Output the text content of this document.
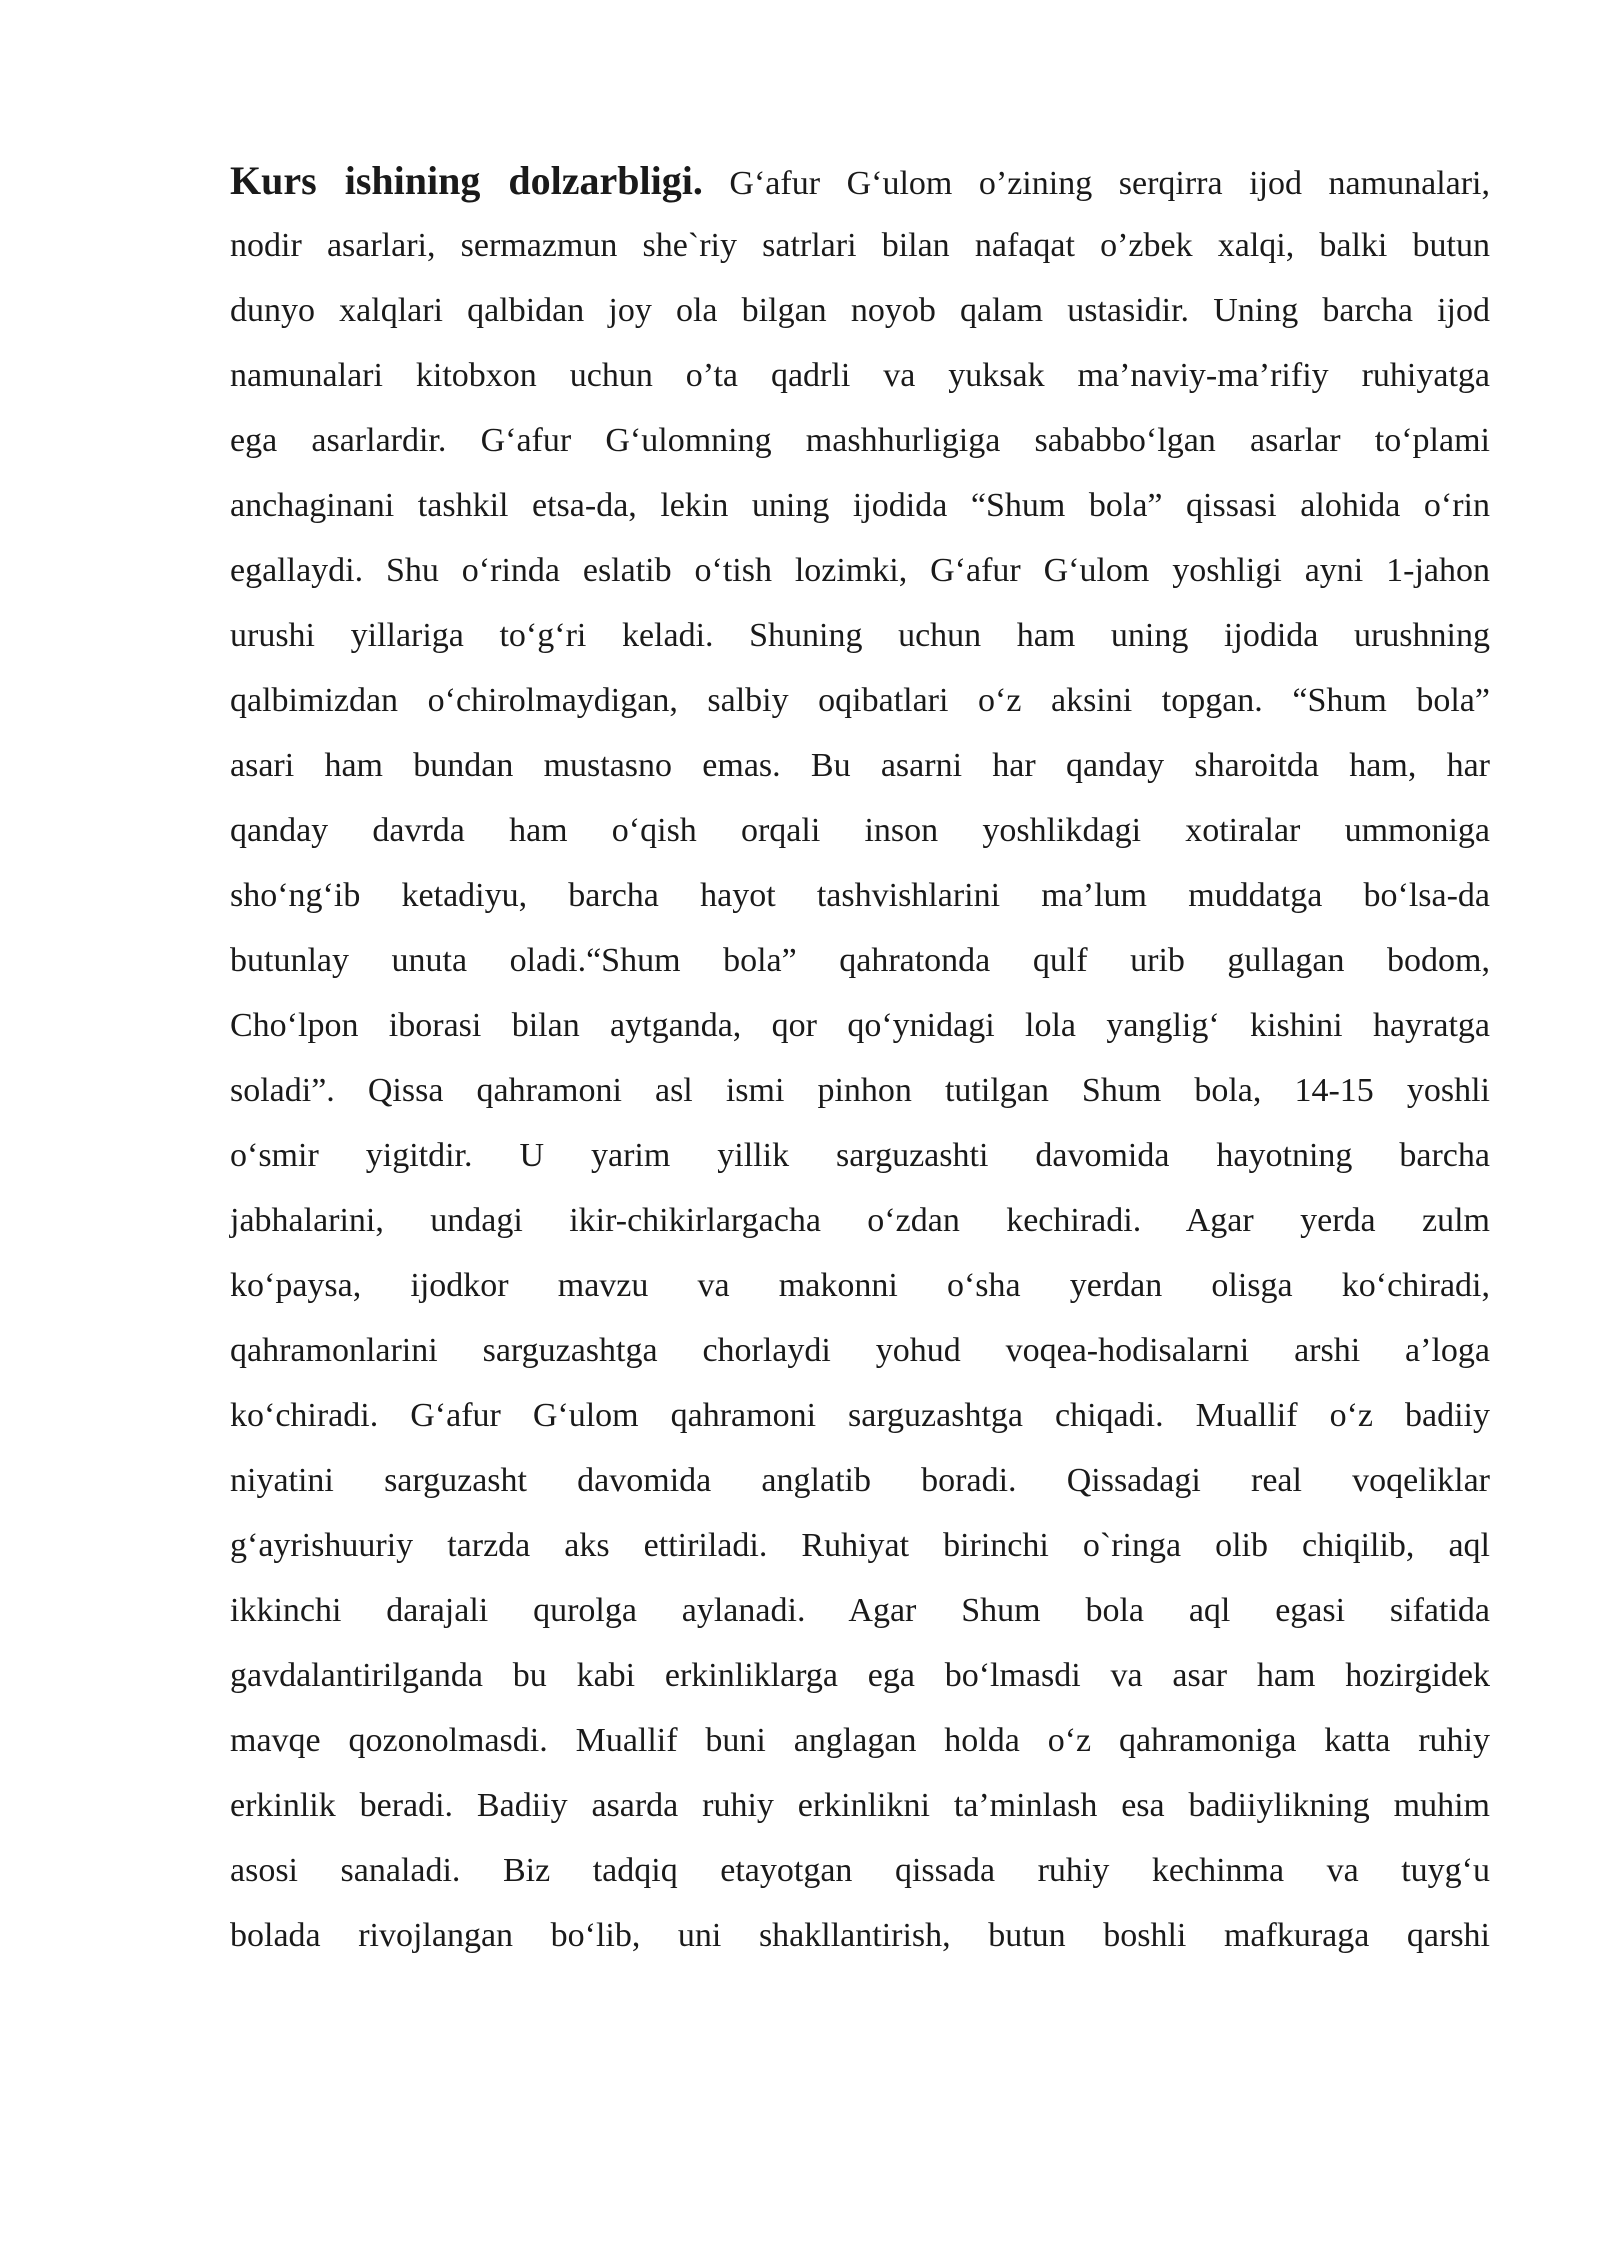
Kurs ishining dolzarbligi. G‘afur G‘ulom o’zining serqirra ijod namunalari,
nodir asarlari, sermazmun she`riy satrlari bilan nafaqat o’zbek xalqi, balki butun
dunyo xalqlari qalbidan joy ola bilgan noyob qalam ustasidir. Uning barcha ijod
namunalari kitobxon uchun o’ta qadrli va yuksak ma’naviy-ma’rifiy ruhiyatga
ega asarlardir. G‘afur G‘ulomning mashhurligiga sababbo‘lgan asarlar to‘plami
anchaginani tashkil etsa-da, lekin uning ijodida “Shum bola” qissasi alohida o‘rin
egallaydi. Shu o‘rinda eslatib o‘tish lozimki, G‘afur G‘ulom yoshligi ayni 1-jahon
urushi yillariga to‘g‘ri keladi. Shuning uchun ham uning ijodida urushning
qalbimizdan o‘chirolmaydigan, salbiy oqibatlari o‘z aksini topgan. “Shum bola”
asari ham bundan mustasno emas. Bu asarni har qanday sharoitda ham, har
qanday davrda ham o‘qish orqali inson yoshlikdagi xotiralar ummoniga
sho‘ng‘ib ketadiyu, barcha hayot tashvishlarini ma’lum muddatga bo‘lsa-da
butunlay unuta oladi.“Shum bola” qahratonda qulf urib gullagan bodom,
Cho‘lpon iborasi bilan aytganda, qor qo‘ynidagi lola yanglig‘ kishini hayratga
soladi”. Qissa qahramoni asl ismi pinhon tutilgan Shum bola, 14-15 yoshli
o‘smir yigitdir. U yarim yillik sarguzashti davomida hayotning barcha
jabhalarini, undagi ikir-chikirlargacha o‘zdan kechiradi. Agar yerda zulm
ko‘paysa, ijodkor mavzu va makonni o‘sha yerdan olisga ko‘chiradi,
qahramonlarini sarguzashtga chorlaydi yohud voqea-hodisalarni arshi a’loga
ko‘chiradi. G‘afur G‘ulom qahramoni sarguzashtga chiqadi. Muallif o‘z badiiy
niyatini sarguzasht davomida anglatib boradi. Qissadagi real voqeliklar
g‘ayrishuuriy tarzda aks ettiriladi. Ruhiyat birinchi o`ringa olib chiqilib, aql
ikkinchi darajali qurolga aylanadi. Agar Shum bola aql egasi sifatida
gavdalantirilganda bu kabi erkinliklarga ega bo‘lmasdi va asar ham hozirgidek
mavqe qozonolmasdi. Muallif buni anglagan holda o‘z qahramoniga katta ruhiy
erkinlik beradi. Badiiy asarda ruhiy erkinlikni ta’minlash esa badiiylikning muhim
asosi sanaladi. Biz tadqiq etayotgan qissada ruhiy kechinma va tuyg‘u
bolada rivojlangan bo‘lib, uni shakllantirish, butun boshli mafkuraga qarshi
